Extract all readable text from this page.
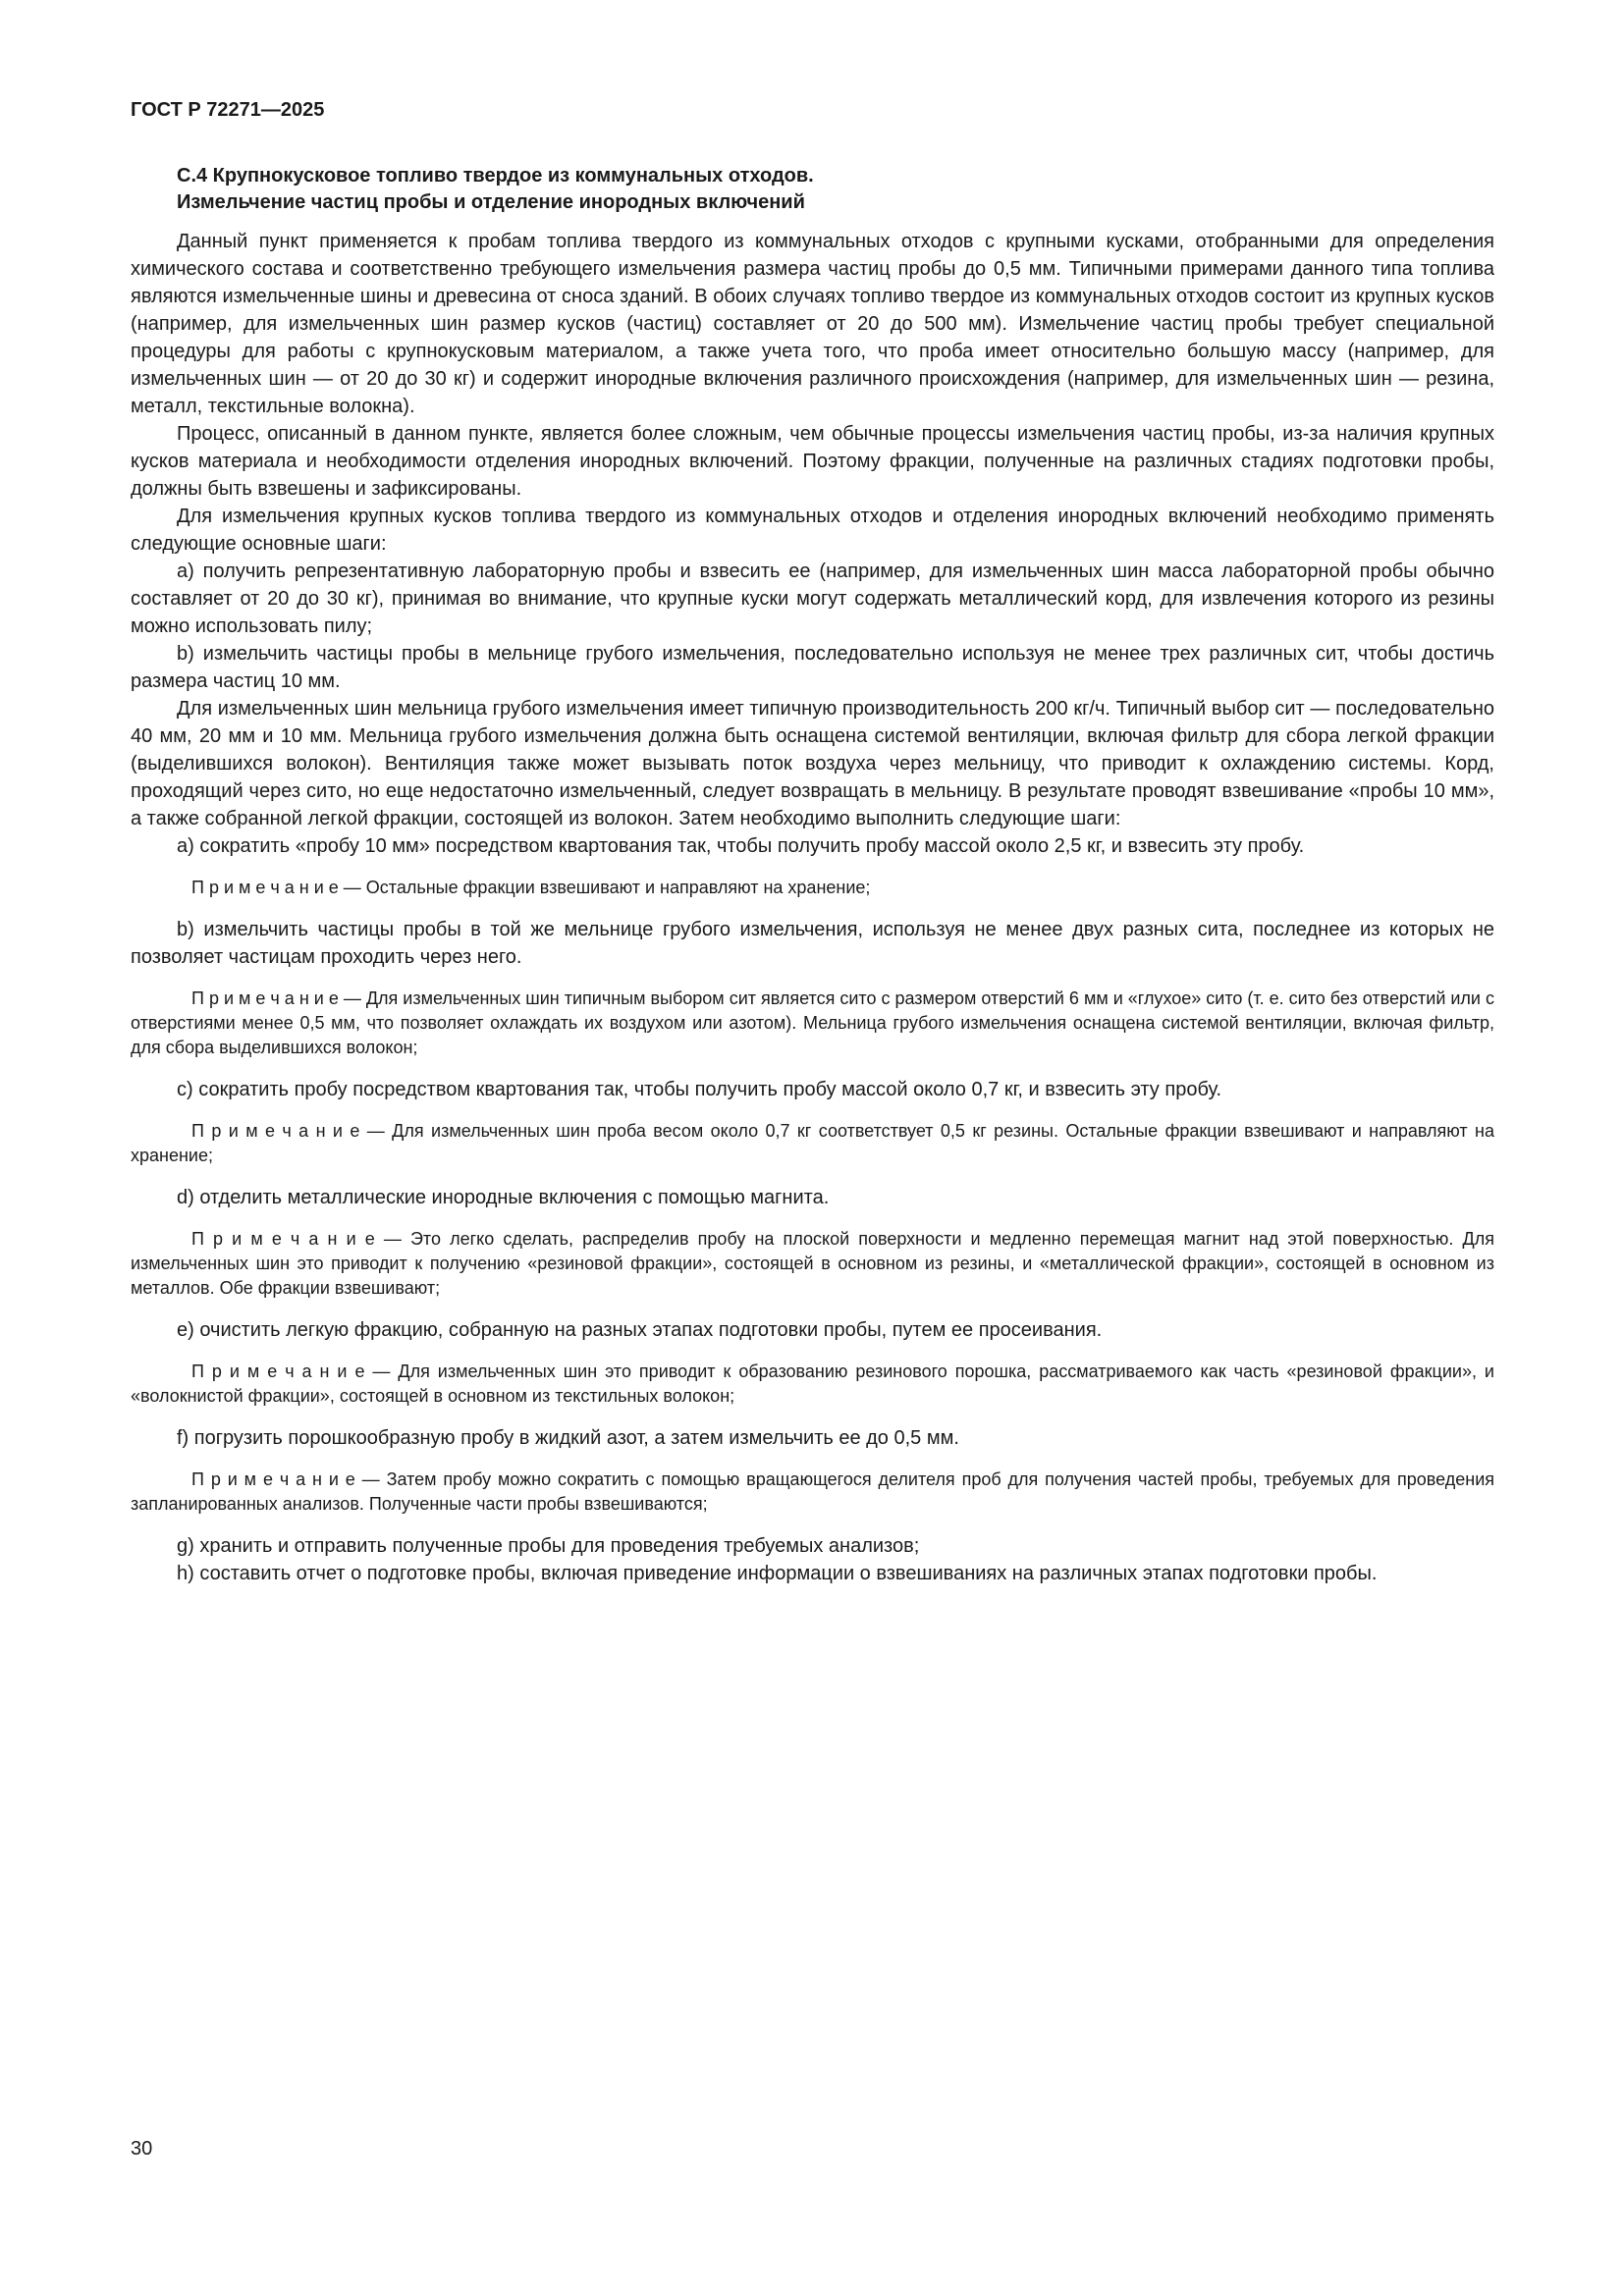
ГОСТ Р 72271—2025
С.4 Крупнокусковое топливо твердое из коммунальных отходов.
Измельчение частиц пробы и отделение инородных включений

Данный пункт применяется к пробам топлива твердого из коммунальных отходов с крупными кусками, отобранными для определения химического состава и соответственно требующего измельчения размера частиц пробы до 0,5 мм. Типичными примерами данного типа топлива являются измельченные шины и древесина от сноса зданий. В обоих случаях топливо твердое из коммунальных отходов состоит из крупных кусков (например, для измельченных шин размер кусков (частиц) составляет от 20 до 500 мм). Измельчение частиц пробы требует специальной процедуры для работы с крупнокусковым материалом, а также учета того, что проба имеет относительно большую массу (например, для измельченных шин — от 20 до 30 кг) и содержит инородные включения различного происхождения (например, для измельченных шин — резина, металл, текстильные волокна).

Процесс, описанный в данном пункте, является более сложным, чем обычные процессы измельчения частиц пробы, из-за наличия крупных кусков материала и необходимости отделения инородных включений. Поэтому фракции, полученные на различных стадиях подготовки пробы, должны быть взвешены и зафиксированы.

Для измельчения крупных кусков топлива твердого из коммунальных отходов и отделения инородных включений необходимо применять следующие основные шаги:

a) получить репрезентативную лабораторную пробы и взвесить ее (например, для измельченных шин масса лабораторной пробы обычно составляет от 20 до 30 кг), принимая во внимание, что крупные куски могут содержать металлический корд, для извлечения которого из резины можно использовать пилу;

b) измельчить частицы пробы в мельнице грубого измельчения, последовательно используя не менее трех различных сит, чтобы достичь размера частиц 10 мм.

Для измельченных шин мельница грубого измельчения имеет типичную производительность 200 кг/ч. Типичный выбор сит — последовательно 40 мм, 20 мм и 10 мм. Мельница грубого измельчения должна быть оснащена системой вентиляции, включая фильтр для сбора легкой фракции (выделившихся волокон). Вентиляция также может вызывать поток воздуха через мельницу, что приводит к охлаждению системы. Корд, проходящий через сито, но еще недостаточно измельченный, следует возвращать в мельницу. В результате проводят взвешивание «пробы 10 мм», а также собранной легкой фракции, состоящей из волокон. Затем необходимо выполнить следующие шаги:

a) сократить «пробу 10 мм» посредством квартования так, чтобы получить пробу массой около 2,5 кг, и взвесить эту пробу.

П р и м е ч а н и е — Остальные фракции взвешивают и направляют на хранение;

b) измельчить частицы пробы в той же мельнице грубого измельчения, используя не менее двух разных сита, последнее из которых не позволяет частицам проходить через него.

П р и м е ч а н и е — Для измельченных шин типичным выбором сит является сито с размером отверстий 6 мм и «глухое» сито (т. е. сито без отверстий или с отверстиями менее 0,5 мм, что позволяет охлаждать их воздухом или азотом). Мельница грубого измельчения оснащена системой вентиляции, включая фильтр, для сбора выделившихся волокон;

c) сократить пробу посредством квартования так, чтобы получить пробу массой около 0,7 кг, и взвесить эту пробу.

П р и м е ч а н и е — Для измельченных шин проба весом около 0,7 кг соответствует 0,5 кг резины. Остальные фракции взвешивают и направляют на хранение;

d) отделить металлические инородные включения с помощью магнита.

П р и м е ч а н и е — Это легко сделать, распределив пробу на плоской поверхности и медленно перемещая магнит над этой поверхностью. Для измельченных шин это приводит к получению «резиновой фракции», состоящей в основном из резины, и «металлической фракции», состоящей в основном из металлов. Обе фракции взвешивают;

e) очистить легкую фракцию, собранную на разных этапах подготовки пробы, путем ее просеивания.

П р и м е ч а н и е — Для измельченных шин это приводит к образованию резинового порошка, рассматриваемого как часть «резиновой фракции», и «волокнистой фракции», состоящей в основном из текстильных волокон;

f) погрузить порошкообразную пробу в жидкий азот, а затем измельчить ее до 0,5 мм.

П р и м е ч а н и е — Затем пробу можно сократить с помощью вращающегося делителя проб для получения частей пробы, требуемых для проведения запланированных анализов. Полученные части пробы взвешиваются;

g) хранить и отправить полученные пробы для проведения требуемых анализов;

h) составить отчет о подготовке пробы, включая приведение информации о взвешиваниях на различных этапах подготовки пробы.

30
